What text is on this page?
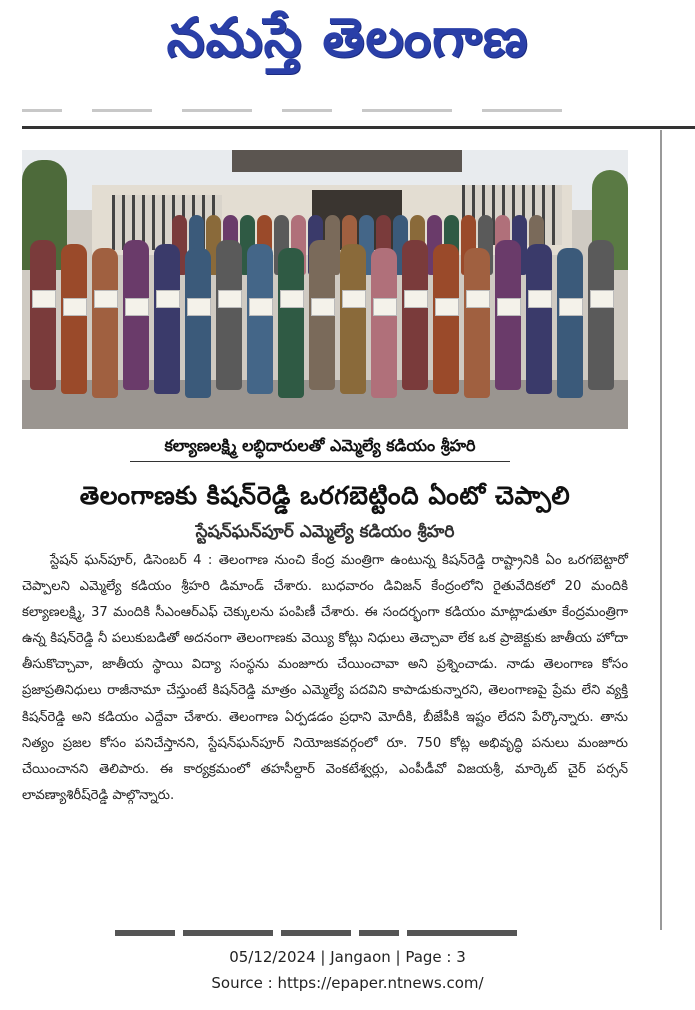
నమస్తే తెలంగాణ
కల్యాణలక్ష్మి లబ్ధిదారులతో ఎమ్మెల్యే కడియం శ్రీహరి
తెలంగాణకు కిషన్‌రెడ్డి ఒరగబెట్టింది ఏంటో చెప్పాలి
స్టేషన్‌ఘన్‌పూర్ ఎమ్మెల్యే కడియం శ్రీహరి
స్టేషన్ ఘన్‌పూర్, డిసెంబర్ 4 : తెలంగాణ నుంచి కేంద్ర మంత్రిగా ఉంటున్న కిషన్‌రెడ్డి రాష్ట్రానికి ఏం ఒరగబెట్టారో చెప్పాలని ఎమ్మెల్యే కడియం శ్రీహరి డిమాండ్ చేశారు. బుధవారం డివిజన్ కేంద్రంలోని రైతువేదికలో 20 మందికి కల్యాణలక్ష్మి, 37 మందికి సీఎంఆర్‌ఎఫ్ చెక్కులను పంపిణీ చేశారు. ఈ సందర్భంగా కడియం మాట్లాడుతూ కేంద్రమంత్రిగా ఉన్న కిషన్‌రెడ్డి నీ పలుకుబడితో అదనంగా తెలంగాణకు వెయ్యి కోట్లు నిధులు తెచ్చావా లేక ఒక ప్రాజెక్టుకు జాతీయ హోదా తీసుకొచ్చావా, జాతీయ స్థాయి విద్యా సంస్థను మంజూరు చేయించావా అని ప్రశ్నించాడు. నాడు తెలంగాణ కోసం ప్రజాప్రతినిధులు రాజీనామా చేస్తుంటే కిషన్‌రెడ్డి మాత్రం ఎమ్మెల్యే పదవిని కాపాడుకున్నారని, తెలంగాణపై ప్రేమ లేని వ్యక్తి కిషన్‌రెడ్డి అని కడియం ఎద్దేవా చేశారు. తెలంగాణ ఏర్పడడం ప్రధాని మోదీకి, బీజేపీకి ఇష్టం లేదని పేర్కొన్నారు. తాను నిత్యం ప్రజల కోసం పనిచేస్తానని, స్టేషన్‌ఘన్‌పూర్ నియోజకవర్గంలో రూ. 750 కోట్ల అభివృద్ధి పనులు మంజూరు చేయించానని తెలిపారు. ఈ కార్యక్రమంలో తహసీల్దార్ వెంకటేశ్వర్లు, ఎంపీడీవో విజయశ్రీ, మార్కెట్ చైర్ పర్సన్ లావణ్యాశిరీష్‌రెడ్డి పాల్గొన్నారు.
05/12/2024 | Jangaon | Page : 3
Source : https://epaper.ntnews.com/
